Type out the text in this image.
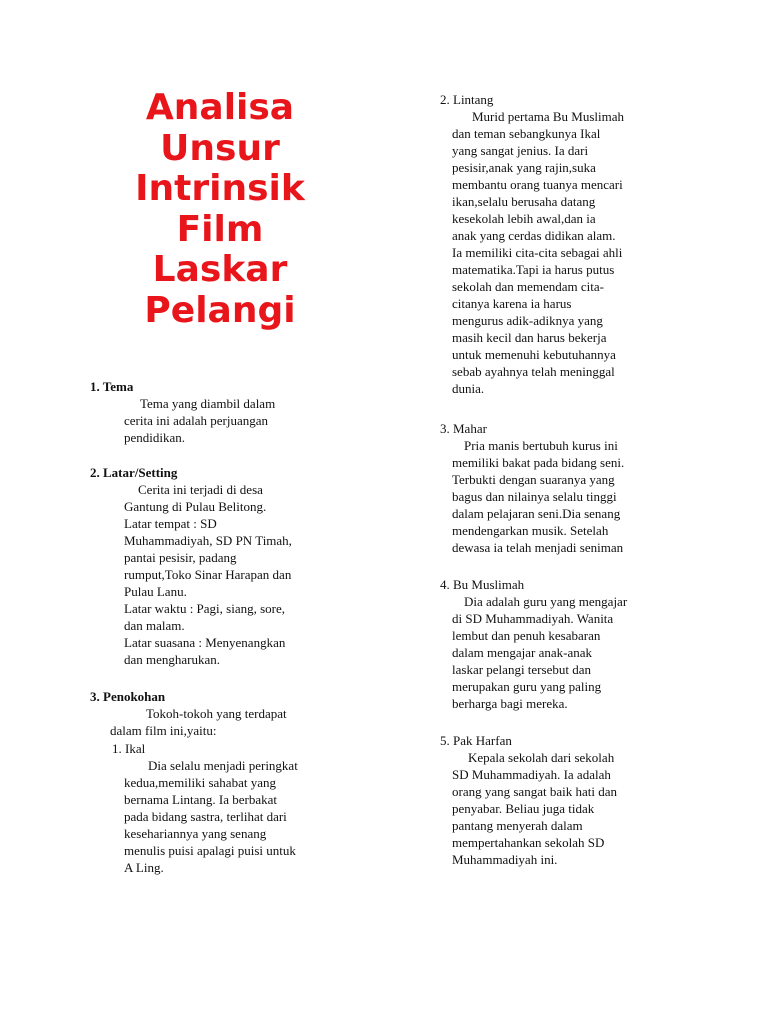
Analisa
Unsur
Intrinsik
Film
Laskar
Pelangi
1. Tema
Tema yang diambil dalam
cerita ini adalah perjuangan
pendidikan.
2. Latar/Setting
Cerita ini terjadi di desa
Gantung di Pulau Belitong.
Latar tempat : SD
Muhammadiyah, SD PN Timah,
pantai pesisir, padang
rumput,Toko Sinar Harapan dan
Pulau Lanu.
Latar waktu : Pagi, siang, sore,
dan malam.
Latar suasana : Menyenangkan
dan mengharukan.
3. Penokohan
Tokoh-tokoh yang terdapat
dalam film ini,yaitu:
1. Ikal
Dia selalu menjadi peringkat
kedua,memiliki sahabat yang
bernama Lintang. Ia berbakat
pada bidang sastra, terlihat dari
kesehariannya yang senang
menulis puisi apalagi puisi untuk
A Ling.
2. Lintang
Murid pertama Bu Muslimah
dan teman sebangkunya Ikal
yang sangat jenius. Ia dari
pesisir,anak yang rajin,suka
membantu orang tuanya mencari
ikan,selalu berusaha datang
kesekolah lebih awal,dan ia
anak yang cerdas didikan alam.
Ia memiliki cita-cita sebagai ahli
matematika.Tapi ia harus putus
sekolah dan memendam cita-
citanya karena ia harus
mengurus adik-adiknya yang
masih kecil dan harus bekerja
untuk memenuhi kebutuhannya
sebab ayahnya telah meninggal
dunia.
3. Mahar
Pria manis bertubuh kurus ini
memiliki bakat pada bidang seni.
Terbukti dengan suaranya yang
bagus dan nilainya selalu tinggi
dalam pelajaran seni.Dia senang
mendengarkan musik. Setelah
dewasa ia telah menjadi seniman
4. Bu Muslimah
Dia adalah guru yang mengajar
di SD Muhammadiyah. Wanita
lembut dan penuh kesabaran
dalam mengajar anak-anak
laskar pelangi tersebut dan
merupakan guru yang paling
berharga bagi mereka.
5. Pak Harfan
Kepala sekolah dari sekolah
SD Muhammadiyah. Ia adalah
orang yang sangat baik hati dan
penyabar. Beliau juga tidak
pantang menyerah dalam
mempertahankan sekolah SD
Muhammadiyah ini.
